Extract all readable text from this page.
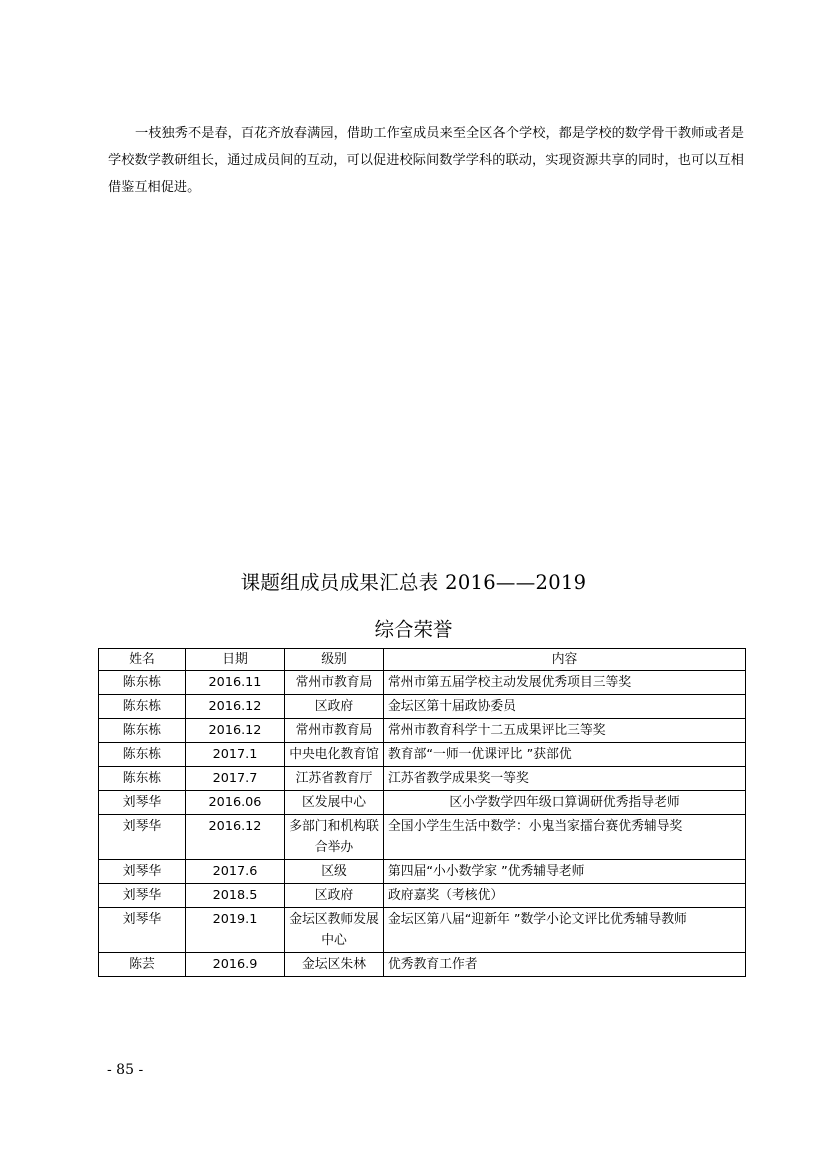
一枝独秀不是春，百花齐放春满园，借助工作室成员来至全区各个学校，都是学校的数学骨干教师或者是学校数学教研组长，通过成员间的互动，可以促进校际间数学学科的联动，实现资源共享的同时，也可以互相借鉴互相促进。

课题组成员成果汇总表 2016——2019
综合荣誉
姓名	日期	级别	内容
陈东栋	2016.11	常州市教育局	常州市第五届学校主动发展优秀项目三等奖
陈东栋	2016.12	区政府	金坛区第十届政协委员
陈东栋	2016.12	常州市教育局	常州市教育科学十二五成果评比三等奖
陈东栋	2017.1	中央电化教育馆	教育部“一师一优课评比 ”获部优
陈东栋	2017.7	江苏省教育厅	江苏省教学成果奖一等奖
刘琴华	2016.06	区发展中心	区小学数学四年级口算调研优秀指导老师
刘琴华	2016.12	多部门和机构联合举办	全国小学生生活中数学：小鬼当家擂台赛优秀辅导奖
刘琴华	2017.6	区级	第四届“小小数学家 ”优秀辅导老师
刘琴华	2018.5	区政府	政府嘉奖（考核优）
刘琴华	2019.1	金坛区教师发展中心	金坛区第八届“迎新年 ”数学小论文评比优秀辅导教师
陈芸	2016.9	金坛区朱林	优秀教育工作者
- 85 -
